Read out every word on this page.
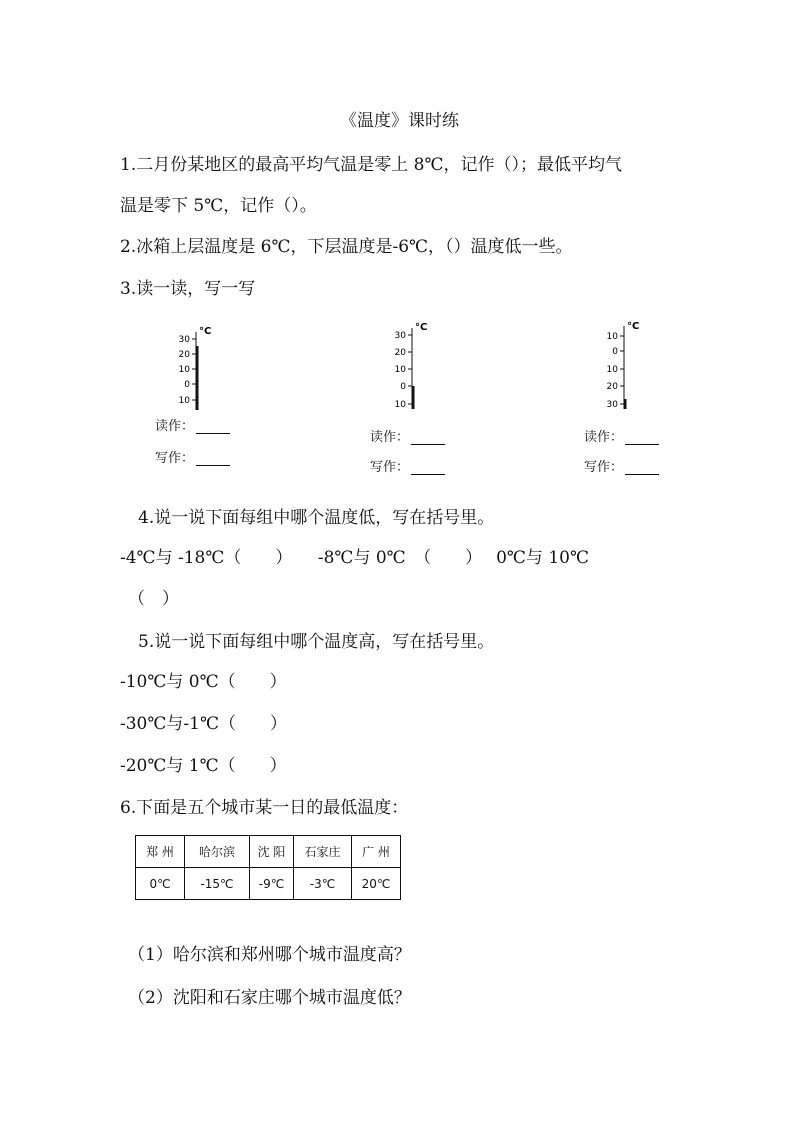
《温度》课时练
1.二月份某地区的最高平均气温是零上 8℃，记作（）；最低平均气
温是零下 5℃，记作（）。
2.冰箱上层温度是 6℃，下层温度是-6℃，（）温度低一些。
3.读一读，写一写
°C
30
20
10
0
10
读作：
写作：
°C
30
20
10
0
10
读作：
写作：
°C
10
0
10
20
30
读作：
写作：
4.说一说下面每组中哪个温度低，写在括号里。
-4℃与 -18℃（　　）　　-8℃与 0℃　（　　）　 0℃与 10℃
（　）
5.说一说下面每组中哪个温度高，写在括号里。
-10℃与 0℃（　　）
-30℃与-1℃（　　）
-20℃与 1℃（　　）
6.下面是五个城市某一日的最低温度：
郑 州	哈尔滨	沈 阳	石家庄	广 州
0℃	-15℃	-9℃	-3℃	20℃
（1）哈尔滨和郑州哪个城市温度高？
（2）沈阳和石家庄哪个城市温度低？
